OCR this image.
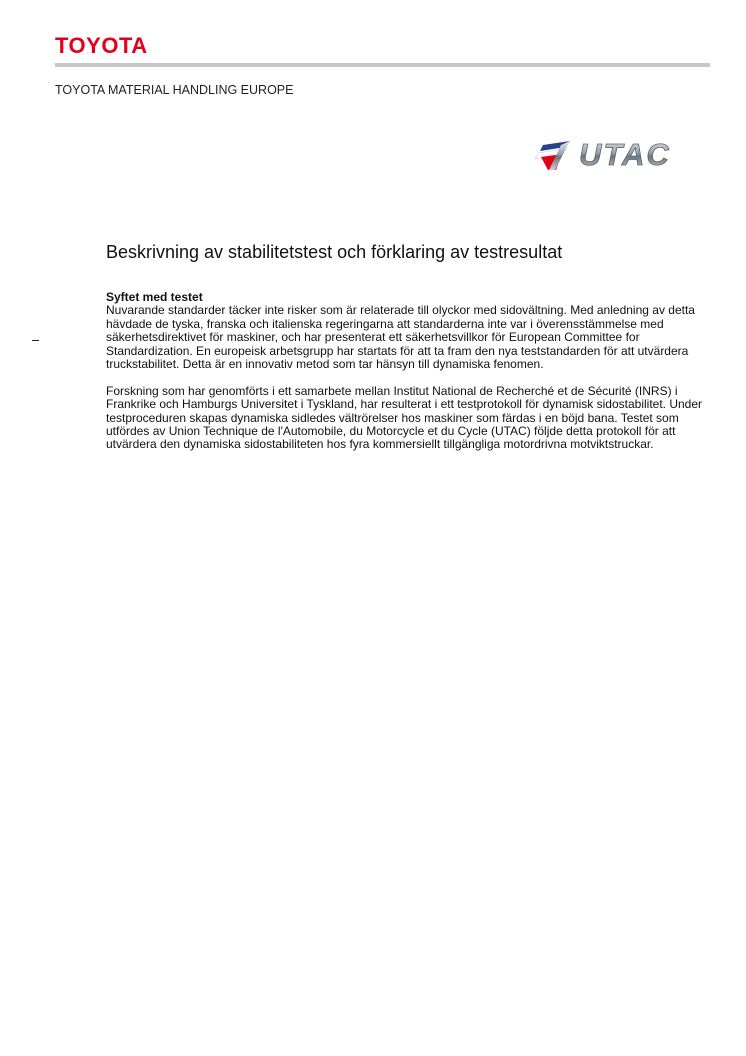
TOYOTA
TOYOTA MATERIAL HANDLING EUROPE
UTAC
Beskrivning av stabilitetstest och förklaring av testresultat
Syftet med testet

Nuvarande standarder täcker inte risker som är relaterade till olyckor med sidovältning. Med anledning av detta hävdade de tyska, franska och italienska regeringarna att standarderna inte var i överensstämmelse med säkerhetsdirektivet för maskiner, och har presenterat ett säkerhetsvillkor för European Committee for Standardization. En europeisk arbetsgrupp har startats för att ta fram den nya teststandarden för att utvärdera truckstabilitet. Detta är en innovativ metod som tar hänsyn till dynamiska fenomen.

Forskning som har genomförts i ett samarbete mellan Institut National de Recherché et de Sécurité (INRS) i Frankrike och Hamburgs Universitet i Tyskland, har resulterat i ett testprotokoll för dynamisk sidostabilitet. Under testproceduren skapas dynamiska sidledes vältrörelser hos maskiner som färdas i en böjd bana. Testet som utfördes av Union Technique de l'Automobile, du Motorcycle et du Cycle (UTAC) följde detta protokoll för att utvärdera den dynamiska sidostabiliteten hos fyra kommersiellt tillgängliga motordrivna motviktstruckar.
